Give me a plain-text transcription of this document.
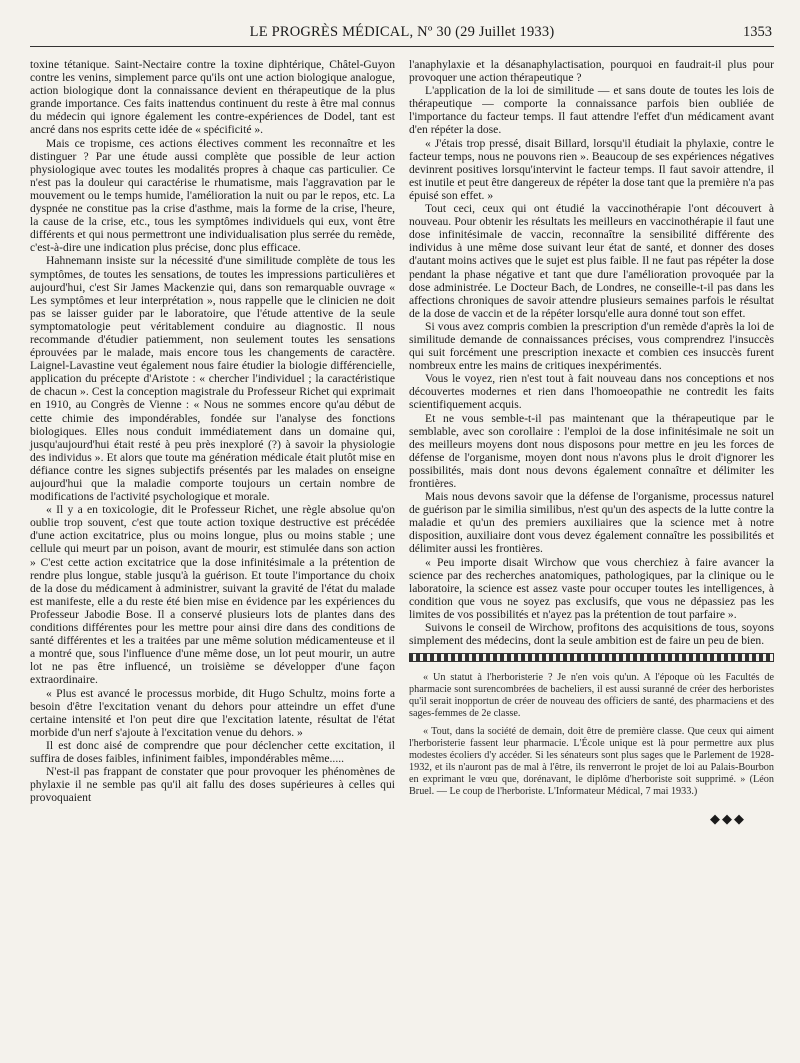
LE PROGRÈS MÉDICAL, Nº 30 (29 Juillet 1933)	1353

toxine tétanique. Saint-Nectaire contre la toxine diphtérique, Châtel-Guyon contre les venins, simplement parce qu'ils ont une action biologique analogue, action biologique dont la connaissance devient en thérapeutique de la plus grande importance. Ces faits inattendus continuent du reste à être mal connus du médecin qui ignore également les contre-expériences de Dodel, tant est ancré dans nos esprits cette idée de « spécificité ».

Mais ce tropisme, ces actions électives comment les reconnaître et les distinguer ? Par une étude aussi complète que possible de leur action physiologique avec toutes les modalités propres à chaque cas particulier. Ce n'est pas la douleur qui caractérise le rhumatisme, mais l'aggravation par le mouvement ou le temps humide, l'amélioration la nuit ou par le repos, etc. La dyspnée ne constitue pas la crise d'asthme, mais la forme de la crise, l'heure, la cause de la crise, etc., tous les symptômes individuels qui eux, vont être différents et qui nous permettront une individualisation plus serrée du remède, c'est-à-dire une indication plus précise, donc plus efficace.

Hahnemann insiste sur la nécessité d'une similitude complète de tous les symptômes, de toutes les sensations, de toutes les impressions particulières et aujourd'hui, c'est Sir James Mackenzie qui, dans son remarquable ouvrage « Les symptômes et leur interprétation », nous rappelle que le clinicien ne doit pas se laisser guider par le laboratoire, que l'étude attentive de la seule symptomatologie peut véritablement conduire au diagnostic. Il nous recommande d'étudier patiemment, non seulement toutes les sensations éprouvées par le malade, mais encore tous les changements de caractère. Laignel-Lavastine veut également nous faire étudier la biologie différencielle, application du précepte d'Aristote : « chercher l'individuel ; la caractéristique de chacun ». Cest la conception magistrale du Professeur Richet qui exprimait en 1910, au Congrès de Vienne : « Nous ne sommes encore qu'au début de cette chimie des impondérables, fondée sur l'analyse des fonctions biologiques. Elles nous conduit immédiatement dans un domaine qui, jusqu'aujourd'hui était resté à peu près inexploré (?) à savoir la physiologie des individus ». Et alors que toute ma génération médicale était plutôt mise en défiance contre les signes subjectifs présentés par les malades on enseigne aujourd'hui que la maladie comporte toujours un certain nombre de modifications de l'activité psychologique et morale.

« Il y a en toxicologie, dit le Professeur Richet, une règle absolue qu'on oublie trop souvent, c'est que toute action toxique destructive est précédée d'une action excitatrice, plus ou moins longue, plus ou moins stable ; une cellule qui meurt par un poison, avant de mourir, est stimulée dans son action » C'est cette action excitatrice que la dose infinitésimale a la prétention de rendre plus longue, stable jusqu'à la guérison. Et toute l'importance du choix de la dose du médicament à administrer, suivant la gravité de l'état du malade est manifeste, elle a du reste été bien mise en évidence par les expériences du Professeur Jabodie Bose. Il a conservé plusieurs lots de plantes dans des conditions différentes pour les mettre pour ainsi dire dans des conditions de santé différentes et les a traitées par une même solution médicamenteuse et il a montré que, sous l'influence d'une même dose, un lot peut mourir, un autre lot ne pas être influencé, un troisième se développer d'une façon extraordinaire.

« Plus est avancé le processus morbide, dit Hugo Schultz, moins forte a besoin d'être l'excitation venant du dehors pour atteindre un effet d'une certaine intensité et l'on peut dire que l'excitation latente, résultat de l'état morbide d'un nerf s'ajoute à l'excitation venue du dehors. »

Il est donc aisé de comprendre que pour déclencher cette excitation, il suffira de doses faibles, infiniment faibles, impondérables même.....

N'est-il pas frappant de constater que pour provoquer les phénomènes de phylaxie il ne semble pas qu'il ait fallu des doses supérieures à celles qui provoquaient

l'anaphylaxie et la désanaphylactisation, pourquoi en faudrait-il plus pour provoquer une action thérapeutique ?

L'application de la loi de similitude — et sans doute de toutes les lois de thérapeutique — comporte la connaissance parfois bien oubliée de l'importance du facteur temps. Il faut attendre l'effet d'un médicament avant d'en répéter la dose.

« J'étais trop pressé, disait Billard, lorsqu'il étudiait la phylaxie, contre le facteur temps, nous ne pouvons rien ». Beaucoup de ses expériences négatives devinrent positives lorsqu'intervint le facteur temps. Il faut savoir attendre, il est inutile et peut être dangereux de répéter la dose tant que la première n'a pas épuisé son effet. »

Tout ceci, ceux qui ont étudié la vaccinothérapie l'ont découvert à nouveau. Pour obtenir les résultats les meilleurs en vaccinothérapie il faut une dose infinitésimale de vaccin, reconnaître la sensibilité différente des individus à une même dose suivant leur état de santé, et donner des doses d'autant moins actives que le sujet est plus faible. Il ne faut pas répéter la dose pendant la phase négative et tant que dure l'amélioration provoquée par la dose administrée. Le Docteur Bach, de Londres, ne conseille-t-il pas dans les affections chroniques de savoir attendre plusieurs semaines parfois le résultat de la dose de vaccin et de la répéter lorsqu'elle aura donné tout son effet.

Si vous avez compris combien la prescription d'un remède d'après la loi de similitude demande de connaissances précises, vous comprendrez l'insuccès qui suit forcément une prescription inexacte et combien ces insuccès furent nombreux entre les mains de critiques inexpérimentés.

Vous le voyez, rien n'est tout à fait nouveau dans nos conceptions et nos découvertes modernes et rien dans l'homoeopathie ne contredit les faits scientifiquement acquis.

Et ne vous semble-t-il pas maintenant que la thérapeutique par le semblable, avec son corollaire : l'emploi de la dose infinitésimale ne soit un des meilleurs moyens dont nous disposons pour mettre en jeu les forces de défense de l'organisme, moyen dont nous n'avons plus le droit d'ignorer les possibilités, mais dont nous devons également connaître et délimiter les frontières.

Mais nous devons savoir que la défense de l'organisme, processus naturel de guérison par le similia similibus, n'est qu'un des aspects de la lutte contre la maladie et qu'un des premiers auxiliaires que la science met à notre disposition, auxiliaire dont vous devez également connaître les possibilités et délimiter aussi les frontières.

« Peu importe disait Wirchow que vous cherchiez à faire avancer la science par des recherches anatomiques, pathologiques, par la clinique ou le laboratoire, la science est assez vaste pour occuper toutes les intelligences, à condition que vous ne soyez pas exclusifs, que vous ne dépassiez pas les limites de vos possibilités et n'ayez pas la prétention de tout parfaire ».

Suivons le conseil de Wirchow, profitons des acquisitions de tous, soyons simplement des médecins, dont la seule ambition est de faire un peu de bien.

« Un statut à l'herboristerie ? Je n'en vois qu'un. A l'époque où les Facultés de pharmacie sont surencombrées de bacheliers, il est aussi suranné de créer des herboristes qu'il serait inopportun de créer de nouveau des officiers de santé, des pharmaciens et des sages-femmes de 2e classe.

« Tout, dans la société de demain, doit être de première classe. Que ceux qui aiment l'herboristerie fassent leur pharmacie. L'École unique est là pour permettre aux plus modestes écoliers d'y accéder. Si les sénateurs sont plus sages que le Parlement de 1928-1932, et ils n'auront pas de mal à l'être, ils renverront le projet de loi au Palais-Bourbon en exprimant le vœu que, dorénavant, le diplôme d'herboriste soit supprimé. » (Léon Bruel. — Le coup de l'herboriste. L'Informateur Médical, 7 mai 1933.)

◆◆◆
